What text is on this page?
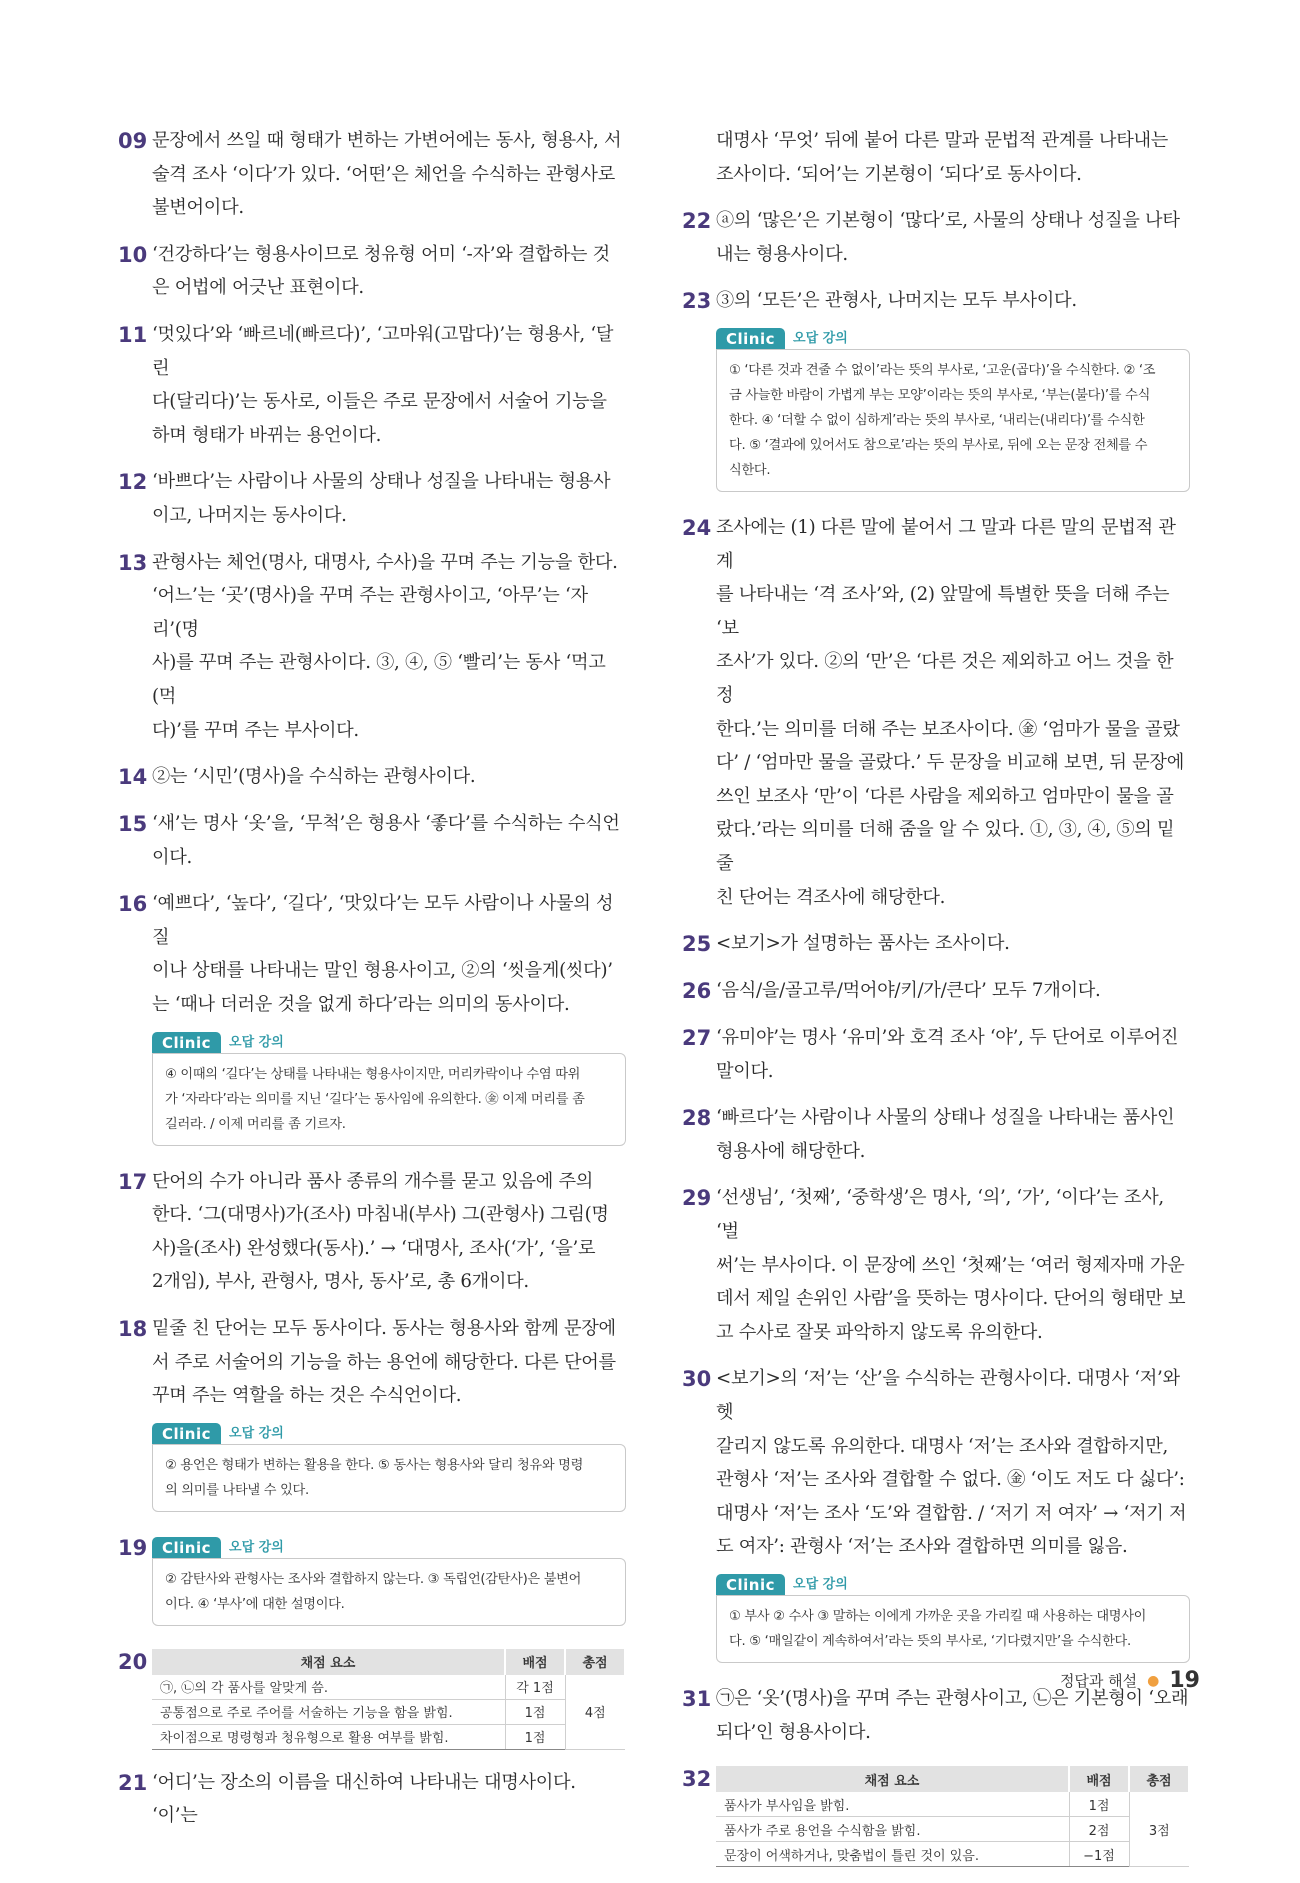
09 문장에서 쓰일 때 형태가 변하는 가변어에는 동사, 형용사, 서
술격 조사 ‘이다’가 있다. ‘어떤’은 체언을 수식하는 관형사로
불변어이다.

10 ‘건강하다’는 형용사이므로 청유형 어미 ‘-자’와 결합하는 것
은 어법에 어긋난 표현이다.

11 ‘멋있다’와 ‘빠르네(빠르다)’, ‘고마워(고맙다)’는 형용사, ‘달린
다(달리다)’는 동사로, 이들은 주로 문장에서 서술어 기능을
하며 형태가 바뀌는 용언이다.

12 ‘바쁘다’는 사람이나 사물의 상태나 성질을 나타내는 형용사
이고, 나머지는 동사이다.

13 관형사는 체언(명사, 대명사, 수사)을 꾸며 주는 기능을 한다.
‘어느’는 ‘곳’(명사)을 꾸며 주는 관형사이고, ‘아무’는 ‘자리’(명
사)를 꾸며 주는 관형사이다. ③, ④, ⑤ ‘빨리’는 동사 ‘먹고(먹
다)’를 꾸며 주는 부사이다.

14 ②는 ‘시민’(명사)을 수식하는 관형사이다.

15 ‘새’는 명사 ‘옷’을, ‘무척’은 형용사 ‘좋다’를 수식하는 수식언
이다.

16 ‘예쁘다’, ‘높다’, ‘길다’, ‘맛있다’는 모두 사람이나 사물의 성질
이나 상태를 나타내는 말인 형용사이고, ②의 ‘씻을게(씻다)’
는 ‘때나 더러운 것을 없게 하다’라는 의미의 동사이다.

Clinic	오답 강의
④ 이때의 ‘길다’는 상태를 나타내는 형용사이지만, 머리카락이나 수염 따위
가 ‘자라다’라는 의미를 지닌 ‘길다’는 동사임에 유의한다. ㊎ 이제 머리를 좀
길러라. / 이제 머리를 좀 기르자.
17 단어의 수가 아니라 품사 종류의 개수를 묻고 있음에 주의
한다. ‘그(대명사)가(조사) 마침내(부사) 그(관형사) 그림(명
사)을(조사) 완성했다(동사).’ → ‘대명사, 조사(‘가’, ‘을’로
2개임), 부사, 관형사, 명사, 동사’로, 총 6개이다.

18 밑줄 친 단어는 모두 동사이다. 동사는 형용사와 함께 문장에
서 주로 서술어의 기능을 하는 용언에 해당한다. 다른 단어를
꾸며 주는 역할을 하는 것은 수식언이다.

Clinic	오답 강의
② 용언은 형태가 변하는 활용을 한다. ⑤ 동사는 형용사와 달리 청유와 명령
의 의미를 나타낼 수 있다.
19 Clinic	오답 강의
② 감탄사와 관형사는 조사와 결합하지 않는다. ③ 독립언(감탄사)은 불변어
이다. ④ ‘부사’에 대한 설명이다.
20	채점 요소	배점	총점
㉠, ㉡의 각 품사를 알맞게 씀.	각 1점	4점
공통점으로 주로 주어를 서술하는 기능을 함을 밝힘.	1점	
차이점으로 명령형과 청유형으로 활용 여부를 밝힘.	1점	
21 ‘어디’는 장소의 이름을 대신하여 나타내는 대명사이다. ‘이’는

대명사 ‘무엇’ 뒤에 붙어 다른 말과 문법적 관계를 나타내는
조사이다. ‘되어’는 기본형이 ‘되다’로 동사이다.

22 ⓐ의 ‘많은’은 기본형이 ‘많다’로, 사물의 상태나 성질을 나타
내는 형용사이다.

23 ③의 ‘모든’은 관형사, 나머지는 모두 부사이다.

Clinic	오답 강의
① ‘다른 것과 견줄 수 없이’라는 뜻의 부사로, ‘고운(곱다)’을 수식한다. ② ‘조
금 사늘한 바람이 가볍게 부는 모양’이라는 뜻의 부사로, ‘부는(불다)’를 수식
한다. ④ ‘더할 수 없이 심하게’라는 뜻의 부사로, ‘내리는(내리다)’를 수식한
다. ⑤ ‘결과에 있어서도 참으로’라는 뜻의 부사로, 뒤에 오는 문장 전체를 수
식한다.
24 조사에는 (1) 다른 말에 붙어서 그 말과 다른 말의 문법적 관계
를 나타내는 ‘격 조사’와, (2) 앞말에 특별한 뜻을 더해 주는 ‘보
조사’가 있다. ②의 ‘만’은 ‘다른 것은 제외하고 어느 것을 한정
한다.’는 의미를 더해 주는 보조사이다. ㊎ ‘엄마가 물을 골랐
다’ / ‘엄마만 물을 골랐다.’ 두 문장을 비교해 보면, 뒤 문장에
쓰인 보조사 ‘만’이 ‘다른 사람을 제외하고 엄마만이 물을 골
랐다.’라는 의미를 더해 줌을 알 수 있다. ①, ③, ④, ⑤의 밑줄
친 단어는 격조사에 해당한다.

25 <보기>가 설명하는 품사는 조사이다.

26 ‘음식/을/골고루/먹어야/키/가/큰다’ 모두 7개이다.

27 ‘유미야’는 명사 ‘유미’와 호격 조사 ‘야’, 두 단어로 이루어진
말이다.

28 ‘빠르다’는 사람이나 사물의 상태나 성질을 나타내는 품사인
형용사에 해당한다.

29 ‘선생님’, ‘첫째’, ‘중학생’은 명사, ‘의’, ‘가’, ‘이다’는 조사, ‘벌
써’는 부사이다. 이 문장에 쓰인 ‘첫째’는 ‘여러 형제자매 가운
데서 제일 손위인 사람’을 뜻하는 명사이다. 단어의 형태만 보
고 수사로 잘못 파악하지 않도록 유의한다.

30 <보기>의 ‘저’는 ‘산’을 수식하는 관형사이다. 대명사 ‘저’와 헷
갈리지 않도록 유의한다. 대명사 ‘저’는 조사와 결합하지만,
관형사 ‘저’는 조사와 결합할 수 없다. ㊎ ‘이도 저도 다 싫다’:
대명사 ‘저’는 조사 ‘도’와 결합함. / ‘저기 저 여자’ → ‘저기 저
도 여자’: 관형사 ‘저’는 조사와 결합하면 의미를 잃음.

Clinic	오답 강의
① 부사 ② 수사 ③ 말하는 이에게 가까운 곳을 가리킬 때 사용하는 대명사이
다. ⑤ ‘매일같이 계속하여서’라는 뜻의 부사로, ‘기다렸지만’을 수식한다.
31 ㉠은 ‘옷’(명사)을 꾸며 주는 관형사이고, ㉡은 기본형이 ‘오래
되다’인 형용사이다.

32	채점 요소	배점	총점
품사가 부사임을 밝힘.	1점	3점
품사가 주로 용언을 수식함을 밝힘.	2점	
문장이 어색하거나, 맞춤법이 틀린 것이 있음.	−1점	
정답과 해설 ● 19
